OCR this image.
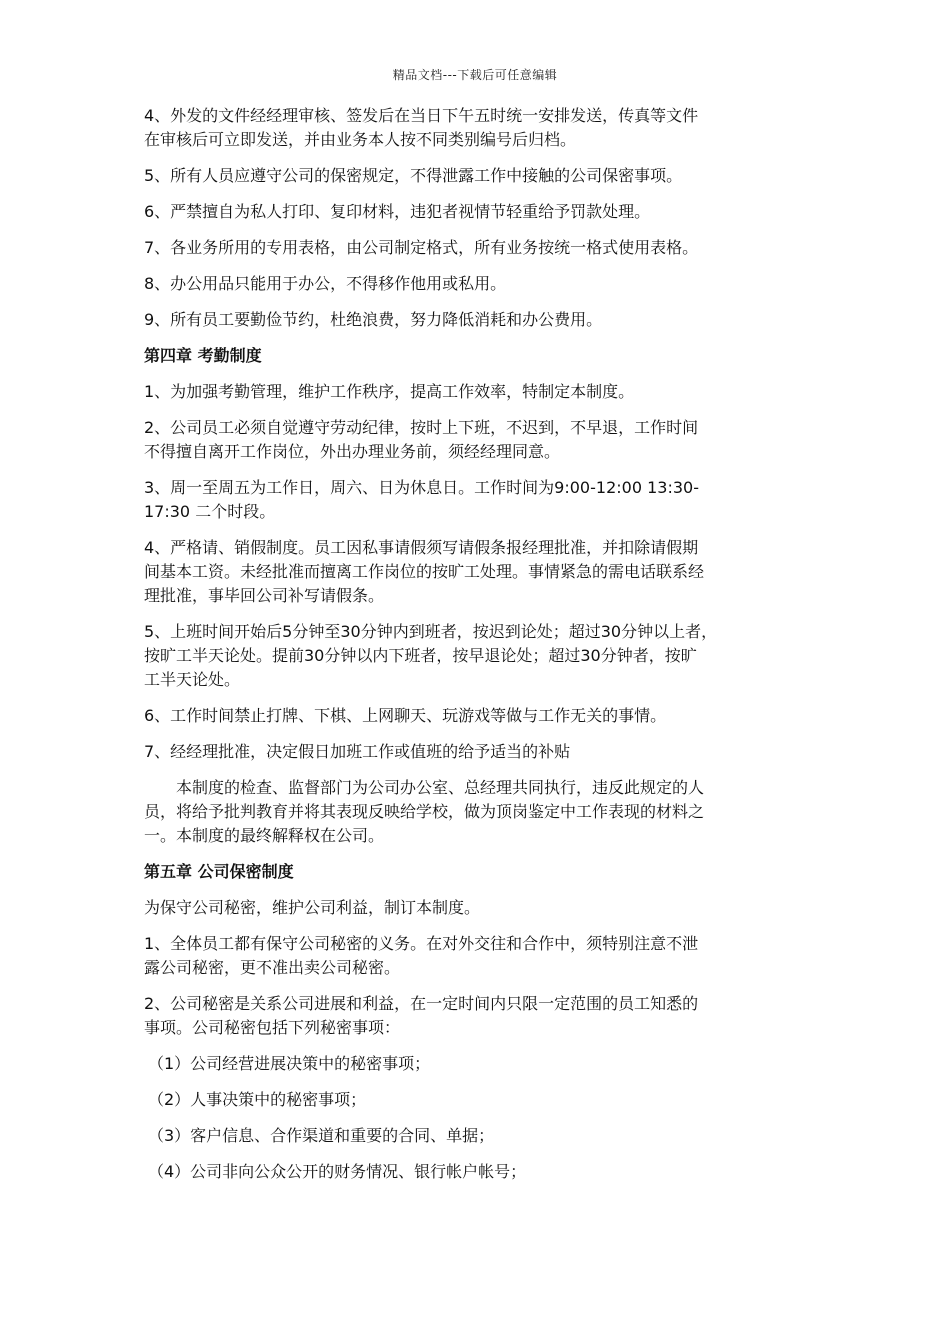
精品文档---下载后可任意编辑
4、外发的文件经经理审核、签发后在当日下午五时统一安排发送，传真等文件
在审核后可立即发送，并由业务本人按不同类别编号后归档。
5、所有人员应遵守公司的保密规定，不得泄露工作中接触的公司保密事项。
6、严禁擅自为私人打印、复印材料，违犯者视情节轻重给予罚款处理。
7、各业务所用的专用表格，由公司制定格式，所有业务按统一格式使用表格。
8、办公用品只能用于办公，不得移作他用或私用。
9、所有员工要勤俭节约，杜绝浪费，努力降低消耗和办公费用。
第四章 考勤制度
1、为加强考勤管理，维护工作秩序，提高工作效率，特制定本制度。
2、公司员工必须自觉遵守劳动纪律，按时上下班，不迟到，不早退，工作时间
不得擅自离开工作岗位，外出办理业务前，须经经理同意。
3、周一至周五为工作日，周六、日为休息日。工作时间为9:00-12:00 13:30-
17:30 二个时段。
4、严格请、销假制度。员工因私事请假须写请假条报经理批准，并扣除请假期
间基本工资。未经批准而擅离工作岗位的按旷工处理。事情紧急的需电话联系经
理批准，事毕回公司补写请假条。
5、上班时间开始后5分钟至30分钟内到班者，按迟到论处；超过30分钟以上者，
按旷工半天论处。提前30分钟以内下班者，按早退论处；超过30分钟者，按旷
工半天论处。
6、工作时间禁止打牌、下棋、上网聊天、玩游戏等做与工作无关的事情。
7、经经理批准，决定假日加班工作或值班的给予适当的补贴
本制度的检查、监督部门为公司办公室、总经理共同执行，违反此规定的人
员，将给予批判教育并将其表现反映给学校，做为顶岗鉴定中工作表现的材料之
一。本制度的最终解释权在公司。
第五章 公司保密制度
为保守公司秘密，维护公司利益，制订本制度。
1、全体员工都有保守公司秘密的义务。在对外交往和合作中，须特别注意不泄
露公司秘密，更不准出卖公司秘密。
2、公司秘密是关系公司进展和利益，在一定时间内只限一定范围的员工知悉的
事项。公司秘密包括下列秘密事项：
（1）公司经营进展决策中的秘密事项；
（2）人事决策中的秘密事项；
（3）客户信息、合作渠道和重要的合同、单据；
（4）公司非向公众公开的财务情况、银行帐户帐号；
